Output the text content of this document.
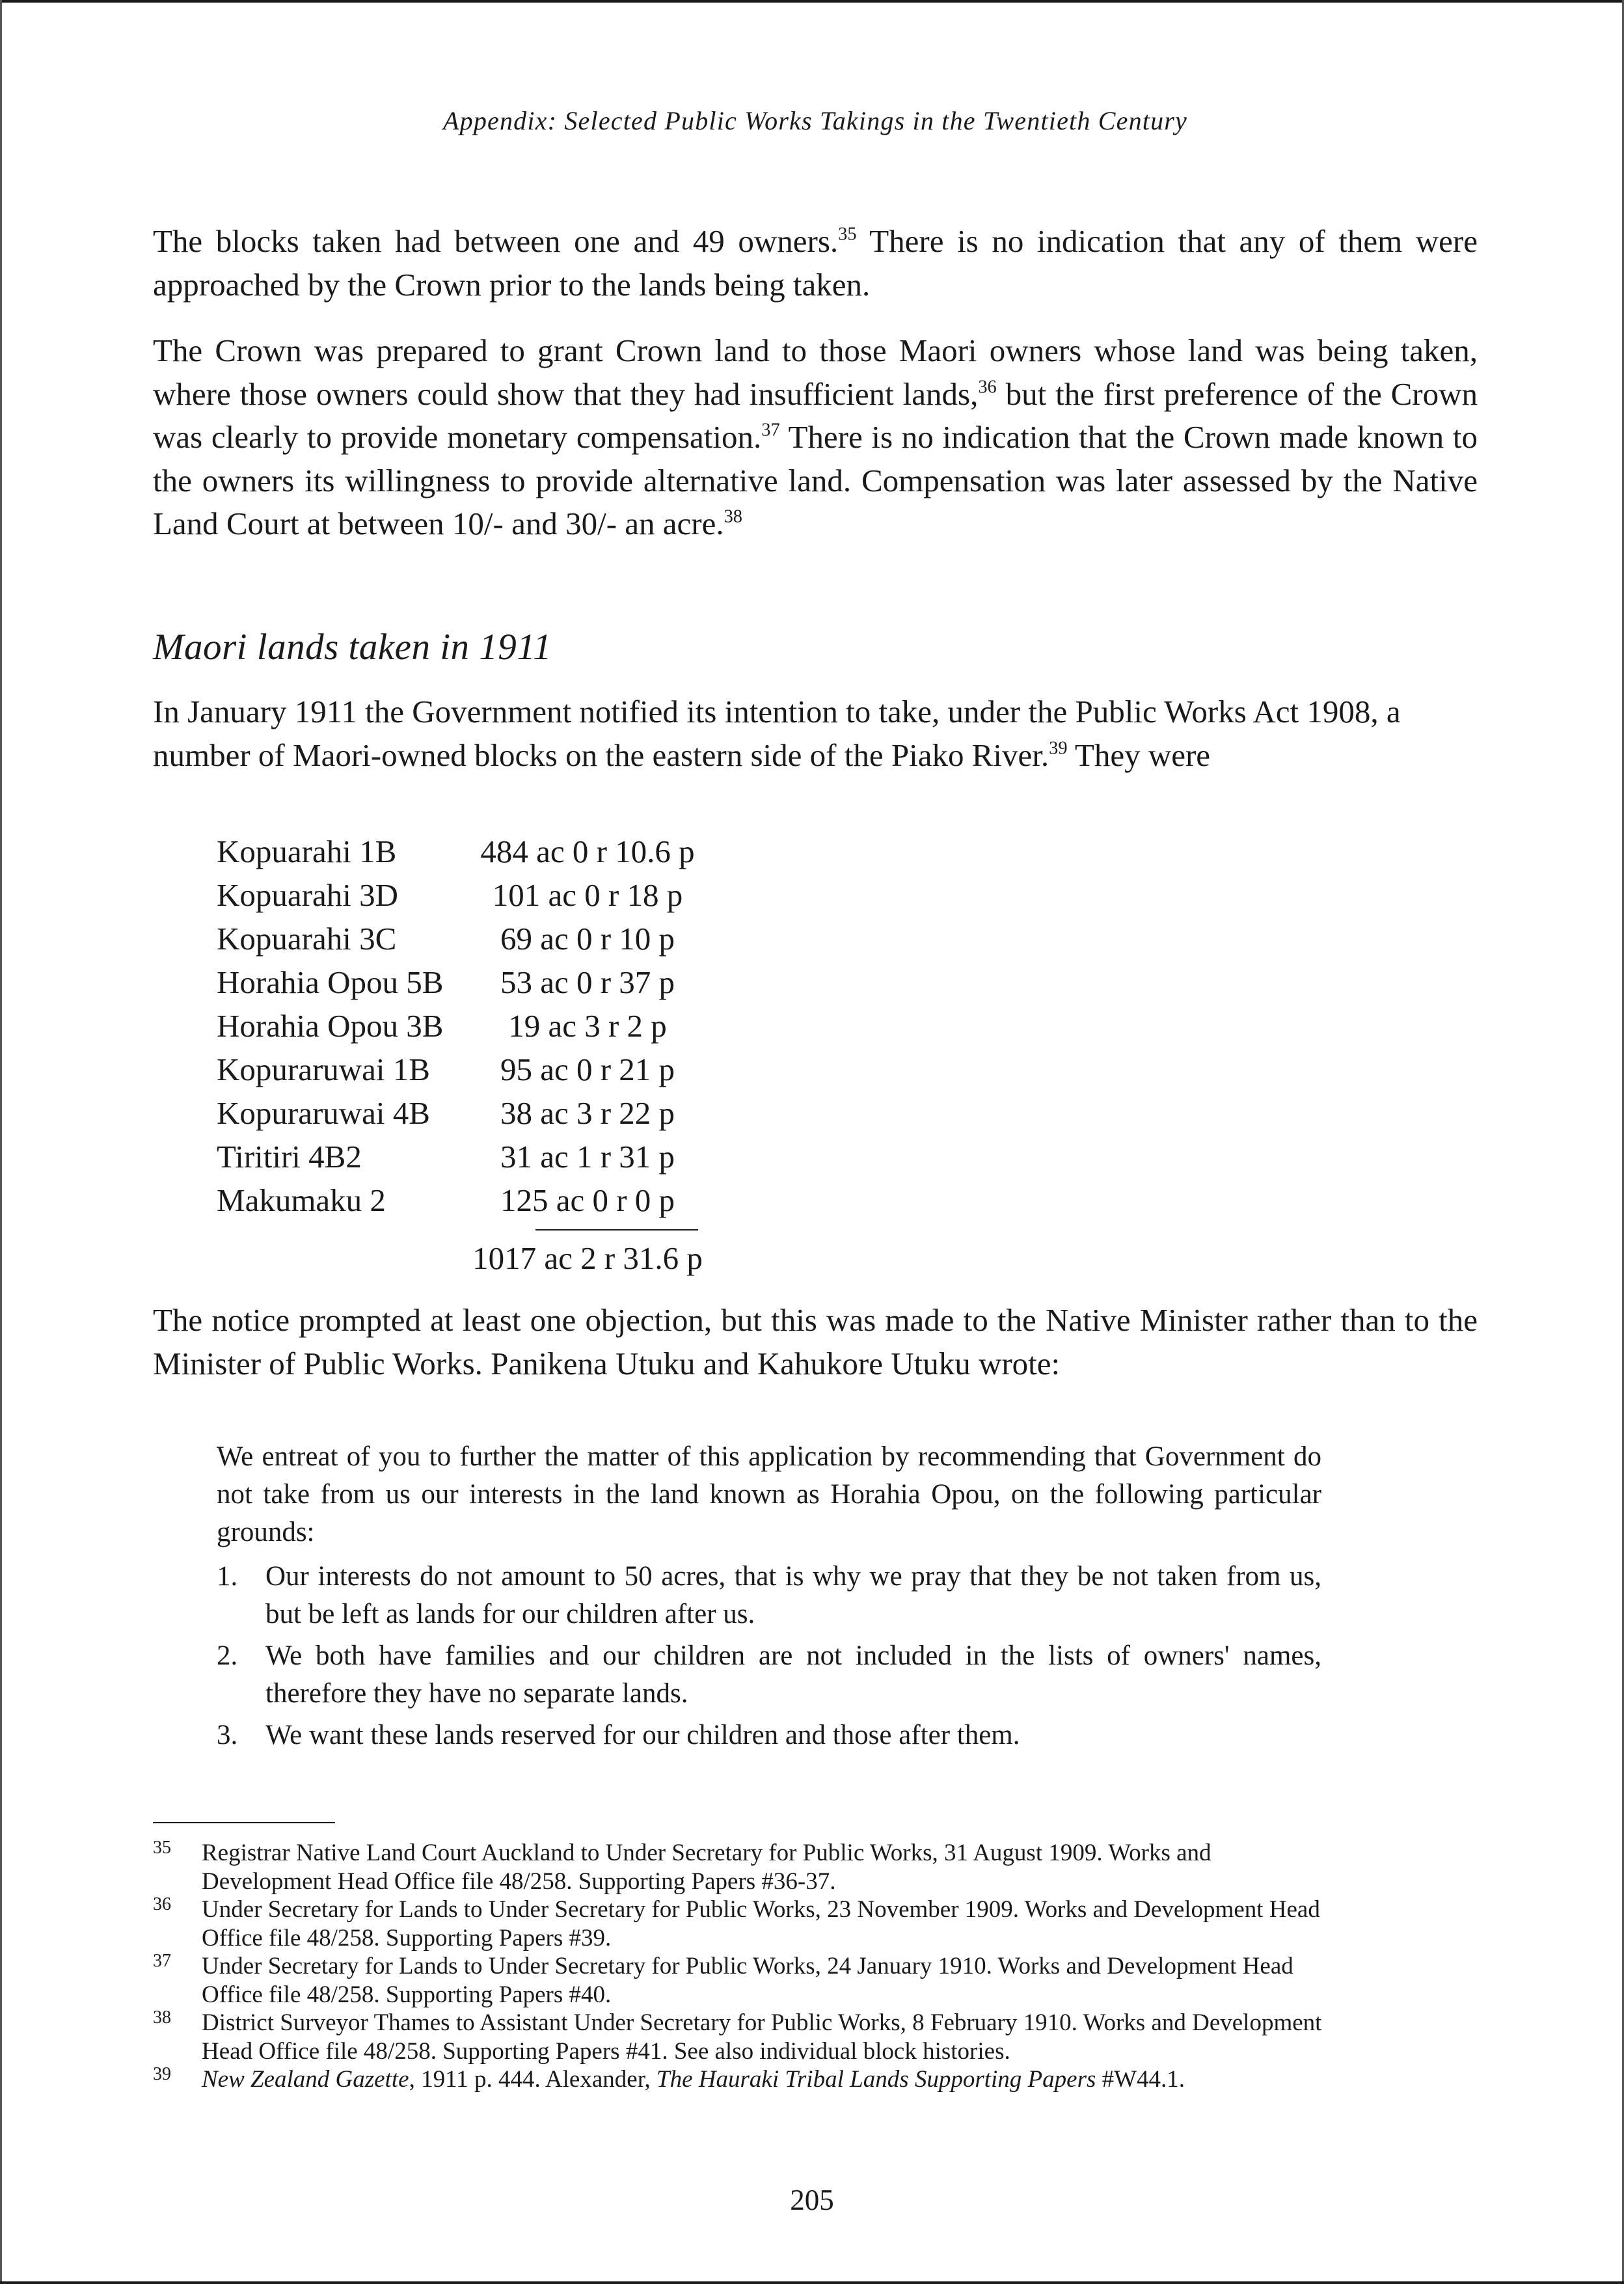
Appendix: Selected Public Works Takings in the Twentieth Century

The blocks taken had between one and 49 owners.$^{35}$ There is no indication that any of them were approached by the Crown prior to the lands being taken.

The Crown was prepared to grant Crown land to those Maori owners whose land was being taken, where those owners could show that they had insufficient lands,$^{36}$ but the first preference of the Crown was clearly to provide monetary compensation.$^{37}$ There is no indication that the Crown made known to the owners its willingness to provide alternative land. Compensation was later assessed by the Native Land Court at between 10/- and 30/- an acre.$^{38}$

Maori lands taken in 1911

In January 1911 the Government notified its intention to take, under the Public Works Act 1908, a number of Maori-owned blocks on the eastern side of the Piako River.$^{39}$ They were

Kopuarahi 1B	484 ac 0 r 10.6 p
Kopuarahi 3D	101 ac 0 r 18 p
Kopuarahi 3C	69 ac 0 r 10 p
Horahia Opou 5B	53 ac 0 r 37 p
Horahia Opou 3B	19 ac 3 r 2 p
Kopuraruwai 1B	95 ac 0 r 21 p
Kopuraruwai 4B	38 ac 3 r 22 p
Tiritiri 4B2	31 ac 1 r 31 p
Makumaku 2	125 ac 0 r 0 p
1017 ac 2 r 31.6 p

The notice prompted at least one objection, but this was made to the Native Minister rather than to the Minister of Public Works. Panikena Utuku and Kahukore Utuku wrote:

We entreat of you to further the matter of this application by recommending that Government do not take from us our interests in the land known as Horahia Opou, on the following particular grounds:

1. Our interests do not amount to 50 acres, that is why we pray that they be not taken from us, but be left as lands for our children after us.
2. We both have families and our children are not included in the lists of owners' names, therefore they have no separate lands.
3. We want these lands reserved for our children and those after them.

35 Registrar Native Land Court Auckland to Under Secretary for Public Works, 31 August 1909. Works and Development Head Office file 48/258. Supporting Papers #36-37.

36 Under Secretary for Lands to Under Secretary for Public Works, 23 November 1909. Works and Development Head Office file 48/258. Supporting Papers #39.

37 Under Secretary for Lands to Under Secretary for Public Works, 24 January 1910. Works and Development Head Office file 48/258. Supporting Papers #40.

38 District Surveyor Thames to Assistant Under Secretary for Public Works, 8 February 1910. Works and Development Head Office file 48/258. Supporting Papers #41. See also individual block histories.

39 New Zealand Gazette, 1911 p. 444. Alexander, The Hauraki Tribal Lands Supporting Papers #W44.1.

205
